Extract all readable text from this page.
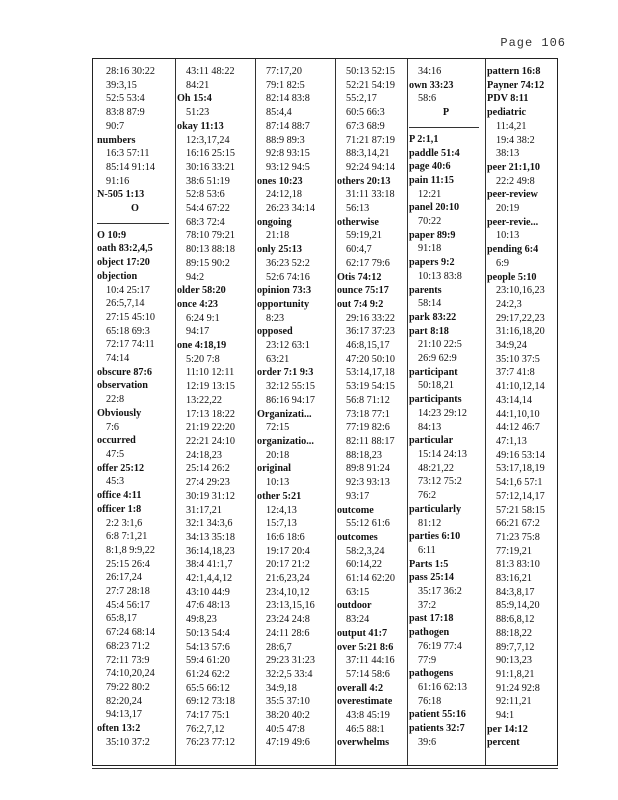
Page 106
28:16 30:22
39:3,15
52:5 53:4
83:8 87:9
90:7
numbers
16:3 57:11
85:14 91:14
91:16
N-505 1:13
O
O 10:9
oath 83:2,4,5
object 17:20
objection
10:4 25:17
26:5,7,14
27:15 45:10
65:18 69:3
72:17 74:11
74:14
obscure 87:6
observation
22:8
Obviously
7:6
occurred
47:5
offer 25:12
45:3
office 4:11
officer 1:8
2:2 3:1,6
6:8 7:1,21
8:1,8 9:9,22
25:15 26:4
26:17,24
27:7 28:18
45:4 56:17
65:8,17
67:24 68:14
68:23 71:2
72:11 73:9
74:10,20,24
79:22 80:2
82:20,24
94:13,17
often 13:2
35:10 37:2
43:11 48:22
84:21
Oh 15:4
51:23
okay 11:13
12:3,17,24
16:16 25:15
30:16 33:21
38:6 51:19
52:8 53:6
54:4 67:22
68:3 72:4
78:10 79:21
80:13 88:18
89:15 90:2
94:2
older 58:20
once 4:23
6:24 9:1
94:17
one 4:18,19
5:20 7:8
11:10 12:11
12:19 13:15
13:22,22
17:13 18:22
21:19 22:20
22:21 24:10
24:18,23
25:14 26:2
27:4 29:23
30:19 31:12
31:17,21
32:1 34:3,6
34:13 35:18
36:14,18,23
38:4 41:1,7
42:1,4,4,12
43:10 44:9
47:6 48:13
49:8,23
50:13 54:4
54:13 57:6
59:4 61:20
61:24 62:2
65:5 66:12
69:12 73:18
74:17 75:1
76:2,7,12
76:23 77:12
77:17,20
79:1 82:5
82:14 83:8
85:4,4
87:14 88:7
88:9 89:3
92:8 93:15
93:12 94:5
ones 10:23
24:12,18
26:23 34:14
ongoing
21:18
only 25:13
36:23 52:2
52:6 74:16
opinion 73:3
opportunity
8:23
opposed
23:12 63:1
63:21
order 7:1 9:3
32:12 55:15
86:16 94:17
Organizati...
72:15
organizatio...
20:18
original
10:13
other 5:21
12:4,13
15:7,13
16:6 18:6
19:17 20:4
20:17 21:2
21:6,23,24
23:4,10,12
23:13,15,16
23:24 24:8
24:11 28:6
28:6,7
29:23 31:23
32:2,5 33:4
34:9,18
35:5 37:10
38:20 40:2
40:5 47:8
47:19 49:6
50:13 52:15
52:21 54:19
55:2,17
60:5 66:3
67:3 68:9
71:21 87:19
88:3,14,21
92:24 94:14
others 20:13
31:11 33:18
56:13
otherwise
59:19,21
60:4,7
62:17 79:6
Otis 74:12
ounce 75:17
out 7:4 9:2
29:16 33:22
36:17 37:23
46:8,15,17
47:20 50:10
53:14,17,18
53:19 54:15
56:8 71:12
73:18 77:1
77:19 82:6
82:11 88:17
88:18,23
89:8 91:24
92:3 93:13
93:17
outcome
55:12 61:6
outcomes
58:2,3,24
60:14,22
61:14 62:20
63:15
outdoor
83:24
output 41:7
over 5:21 8:6
37:11 44:16
57:14 58:6
overall 4:2
overestimate
43:8 45:19
46:5 88:1
overwhelms
34:16
own 33:23
58:6
P
P 2:1,1
paddle 51:4
page 40:6
pain 11:15
12:21
panel 20:10
70:22
paper 89:9
91:18
papers 9:2
10:13 83:8
parents
58:14
park 83:22
part 8:18
21:10 22:5
26:9 62:9
participant
50:18,21
participants
14:23 29:12
84:13
particular
15:14 24:13
48:21,22
73:12 75:2
76:2
particularly
81:12
parties 6:10
6:11
Parts 1:5
pass 25:14
35:17 36:2
37:2
past 17:18
pathogen
76:19 77:4
77:9
pathogens
61:16 62:13
76:18
patient 55:16
patients 32:7
39:6
pattern 16:8
Payner 74:12
PDV 8:11
pediatric
11:4,21
19:4 38:2
38:13
peer 21:1,10
22:2 49:8
peer-review
20:19
peer-revie...
10:13
pending 6:4
6:9
people 5:10
23:10,16,23
24:2,3
29:17,22,23
31:16,18,20
34:9,24
35:10 37:5
37:7 41:8
41:10,12,14
43:14,14
44:1,10,10
44:12 46:7
47:1,13
49:16 53:14
53:17,18,19
54:1,6 57:1
57:12,14,17
57:21 58:15
66:21 67:2
71:23 75:8
77:19,21
81:3 83:10
83:16,21
84:3,8,17
85:9,14,20
88:6,8,12
88:18,22
89:7,7,12
90:13,23
91:1,8,21
91:24 92:8
92:11,21
94:1
per 14:12
percent
